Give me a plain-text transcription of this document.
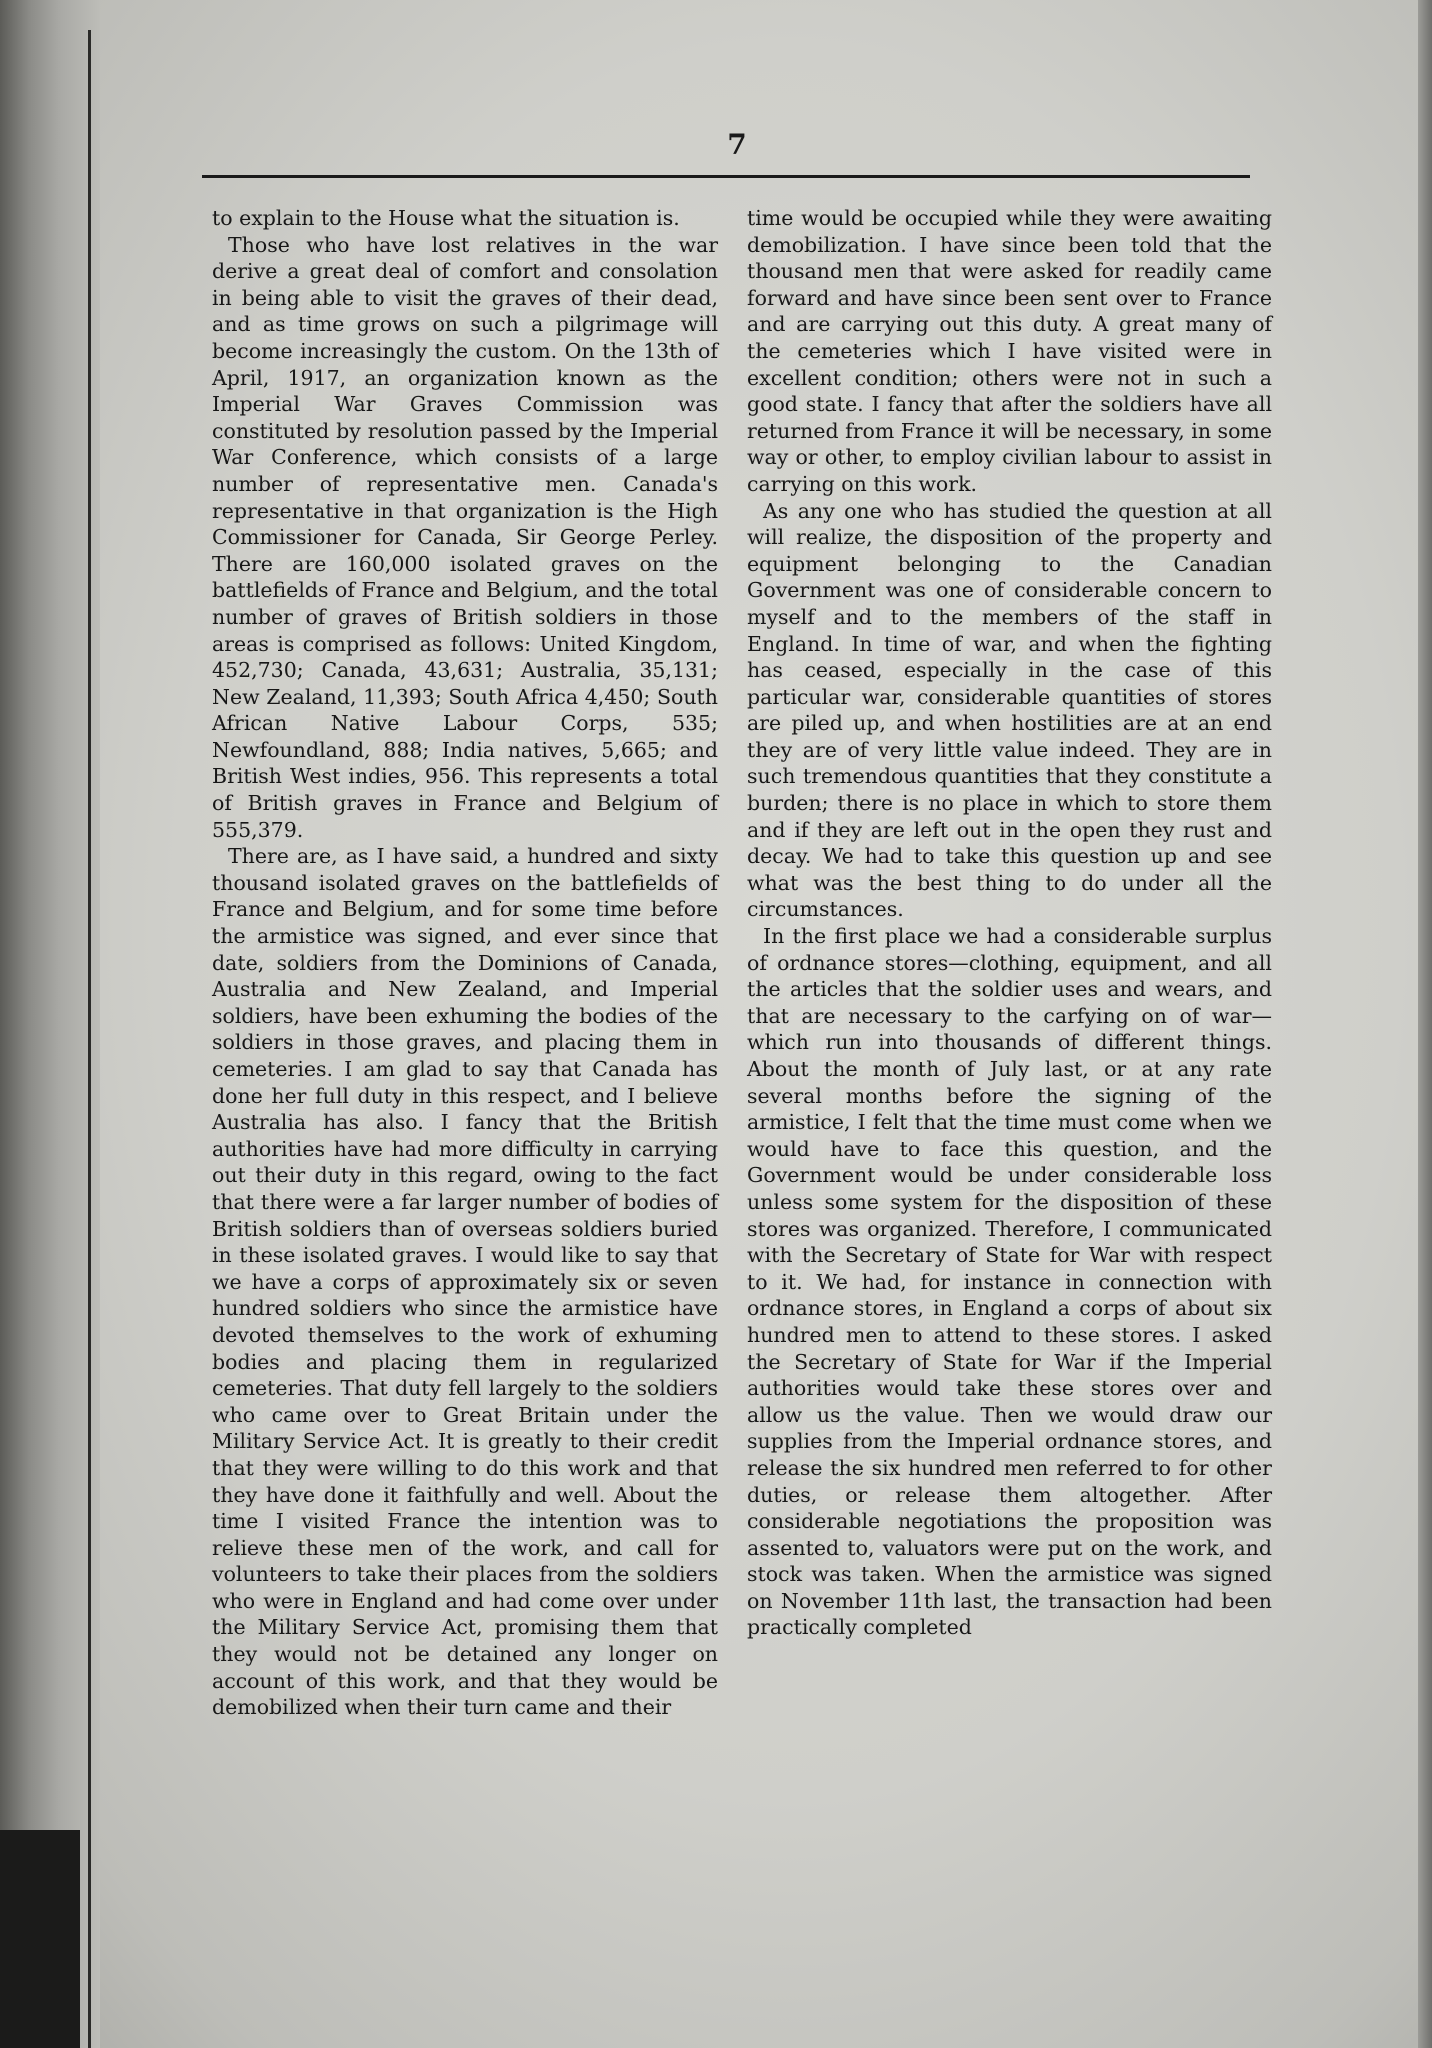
7

to explain to the House what the situation is.

Those who have lost relatives in the war derive a great deal of comfort and consolation in being able to visit the graves of their dead, and as time grows on such a pilgrimage will become increasingly the custom. On the 13th of April, 1917, an organization known as the Imperial War Graves Commission was constituted by resolution passed by the Imperial War Conference, which consists of a large number of representative men. Canada's representative in that organization is the High Commissioner for Canada, Sir George Perley. There are 160,000 isolated graves on the battlefields of France and Belgium, and the total number of graves of British soldiers in those areas is comprised as follows: United Kingdom, 452,730; Canada, 43,631; Australia, 35,131; New Zealand, 11,393; South Africa 4,450; South African Native Labour Corps, 535; Newfoundland, 888; India natives, 5,665; and British West indies, 956. This represents a total of British graves in France and Belgium of 555,379.

There are, as I have said, a hundred and sixty thousand isolated graves on the battlefields of France and Belgium, and for some time before the armistice was signed, and ever since that date, soldiers from the Dominions of Canada, Australia and New Zealand, and Imperial soldiers, have been exhuming the bodies of the soldiers in those graves, and placing them in cemeteries. I am glad to say that Canada has done her full duty in this respect, and I believe Australia has also. I fancy that the British authorities have had more difficulty in carrying out their duty in this regard, owing to the fact that there were a far larger number of bodies of British soldiers than of overseas soldiers buried in these isolated graves. I would like to say that we have a corps of approximately six or seven hundred soldiers who since the armistice have devoted themselves to the work of exhuming bodies and placing them in regularized cemeteries. That duty fell largely to the soldiers who came over to Great Britain under the Military Service Act. It is greatly to their credit that they were willing to do this work and that they have done it faithfully and well. About the time I visited France the intention was to relieve these men of the work, and call for volunteers to take their places from the soldiers who were in England and had come over under the Military Service Act, promising them that they would not be detained any longer on account of this work, and that they would be demobilized when their turn came and their

time would be occupied while they were awaiting demobilization. I have since been told that the thousand men that were asked for readily came forward and have since been sent over to France and are carrying out this duty. A great many of the cemeteries which I have visited were in excellent condition; others were not in such a good state. I fancy that after the soldiers have all returned from France it will be necessary, in some way or other, to employ civilian labour to assist in carrying on this work.

As any one who has studied the question at all will realize, the disposition of the property and equipment belonging to the Canadian Government was one of considerable concern to myself and to the members of the staff in England. In time of war, and when the fighting has ceased, especially in the case of this particular war, considerable quantities of stores are piled up, and when hostilities are at an end they are of very little value indeed. They are in such tremendous quantities that they constitute a burden; there is no place in which to store them and if they are left out in the open they rust and decay. We had to take this question up and see what was the best thing to do under all the circumstances.

In the first place we had a considerable surplus of ordnance stores—clothing, equipment, and all the articles that the soldier uses and wears, and that are necessary to the carfying on of war—which run into thousands of different things. About the month of July last, or at any rate several months before the signing of the armistice, I felt that the time must come when we would have to face this question, and the Government would be under considerable loss unless some system for the disposition of these stores was organized. Therefore, I communicated with the Secretary of State for War with respect to it. We had, for instance in connection with ordnance stores, in England a corps of about six hundred men to attend to these stores. I asked the Secretary of State for War if the Imperial authorities would take these stores over and allow us the value. Then we would draw our supplies from the Imperial ordnance stores, and release the six hundred men referred to for other duties, or release them altogether. After considerable negotiations the proposition was assented to, valuators were put on the work, and stock was taken. When the armistice was signed on November 11th last, the transaction had been practically completed
